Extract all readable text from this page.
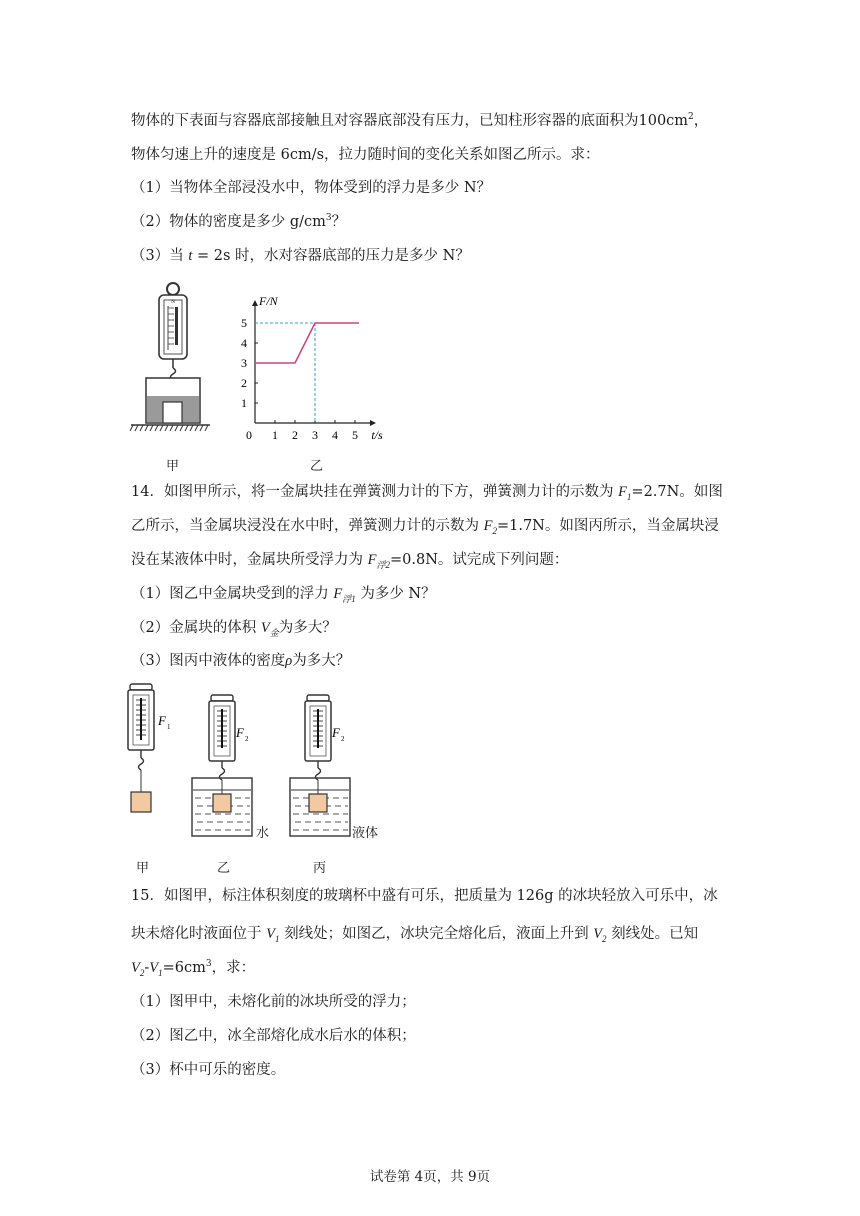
物体的下表面与容器底部接触且对容器底部没有压力，已知柱形容器的底面积为$100cm^2$，
物体匀速上升的速度是 6cm/s，拉力随时间的变化关系如图乙所示。求：
（1）当物体全部浸没水中，物体受到的浮力是多少 N？
（2）物体的密度是多少 $g/cm^3$？
（3）当 t = 2s 时，水对容器底部的压力是多少 N？
N
甲
0 1 2 3 4 5
1
2
3
4
5
F/N
t/s
乙
14．如图甲所示，将一金属块挂在弹簧测力计的下方，弹簧测力计的示数为 $F_1=2.7N$。如图
乙所示，当金属块浸没在水中时，弹簧测力计的示数为 $F_2=1.7N$。如图丙所示，当金属块浸
没在某液体中时，金属块所受浮力为 $F_{浮2}=0.8N$。试完成下列问题：
（1）图乙中金属块受到的浮力 $F_{浮1}$ 为多少 N？
（2）金属块的体积 $V_金$为多大？
（3）图丙中液体的密度ρ为多大？
F 1	F 2	F 2
水	液体
甲	乙	丙
15．如图甲，标注体积刻度的玻璃杯中盛有可乐，把质量为 126g 的冰块轻放入可乐中，冰
块未熔化时液面位于 $V_1$ 刻线处；如图乙，冰块完全熔化后，液面上升到 $V_2$ 刻线处。已知
$V_2-V_1=6cm^3$，求：
（1）图甲中，未熔化前的冰块所受的浮力；
（2）图乙中，冰全部熔化成水后水的体积；
（3）杯中可乐的密度。
试卷第 4页，共 9页
